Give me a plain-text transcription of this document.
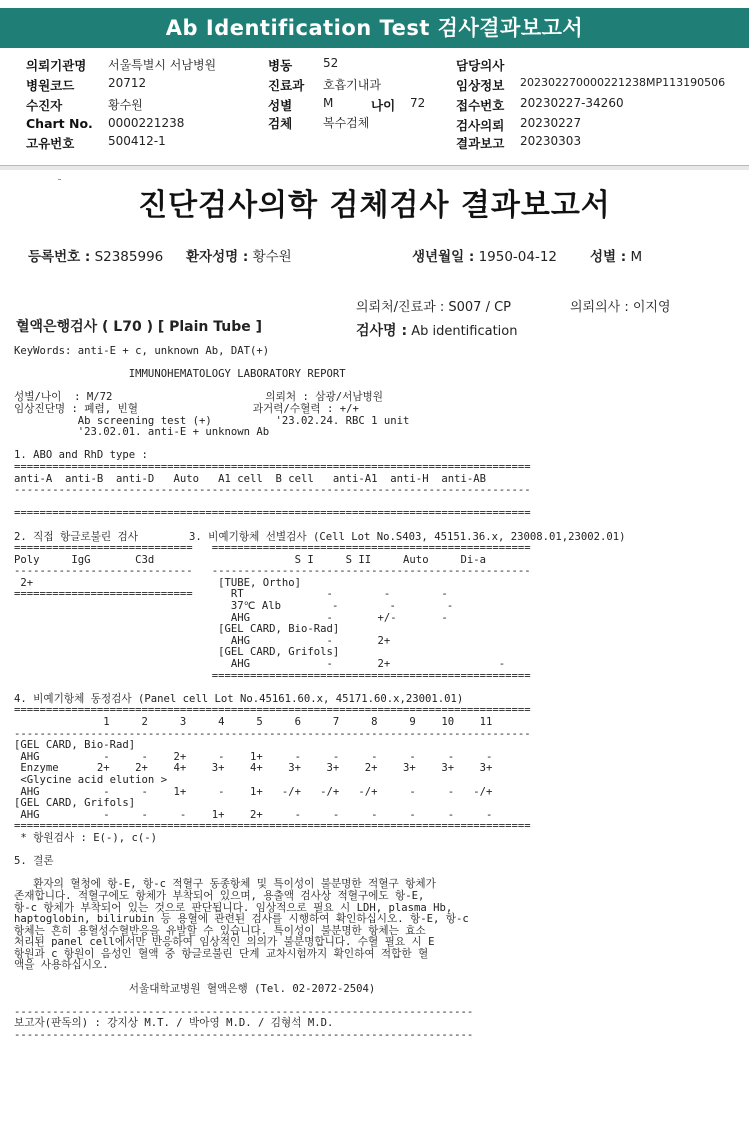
Ab Identification Test 검사결과보고서
의뢰기관명 서울특별시 서남병원
병원코드	20712
수진자	황수원
Chart No. 0000221238
고유번호	500412-1
병동	52
진료과 호흡기내과
성별	M	나이 72
검체	복수검체
담당의사
임상정보 20230227000022123​8MP113190506
접수번호 20230227-34260
검사의뢰 20230227
결과보고 20230303
진단검사의학 검체검사 결과보고서
등록번호 : S2385996 환자성명 : 황수원	생년월일 : 1950-04-12 성별 : M
의뢰처/진료과 : S007 / CP	의뢰의사 : 이지영
혈액은행검사 ( L70 ) [ Plain Tube ]	검사명 : Ab identification
KeyWords: anti-E + c, unknown Ab, DAT(+)

IMMUNOHEMATOLOGY LABORATORY REPORT

성별/나이  : M/72                        의뢰처 : 삼광/서남병원
임상진단명 : 폐렴, 빈혈                  과거력/수혈력 : +/+
Ab screening test (+)          '23.02.24. RBC 1 unit
'23.02.01. anti-E + unknown Ab

1. ABO and RhD type :
=================================================================================
anti-A  anti-B  anti-D   Auto   A1 cell  B cell   anti-A1  anti-H  anti-AB
---------------------------------------------------------------------------------

=================================================================================

2. 직접 항글로불린 검사        3. 비예기항체 선별검사 (Cell Lot No.S403, 45151.36.x, 23008.01,23002.01)
============================   ==================================================
Poly     IgG       C3d                      S I     S II     Auto     Di-a
----------------------------   --------------------------------------------------
2+                             [TUBE, Ortho]
============================      RT             -        -        -
37℃ Alb        -        -        -
AHG            -       +/-       -
[GEL CARD, Bio-Rad]
AHG            -       2+
[GEL CARD, Grifols]
AHG            -       2+                 -
==================================================

4. 비예기항체 동정검사 (Panel cell Lot No.45161.60.x, 45171.60.x,23001.01)
=================================================================================
1     2     3     4     5     6     7     8     9    10    11
---------------------------------------------------------------------------------
[GEL CARD, Bio-Rad]
AHG          -     -    2+     -    1+     -     -     -     -     -     -
Enzyme      2+    2+    4+    3+    4+    3+    3+    2+    3+    3+    3+
<Glycine acid elution >
AHG          -     -    1+     -    1+   -/+   -/+   -/+     -     -   -/+
[GEL CARD, Grifols]
AHG          -     -     -    1+    2+     -     -     -     -     -     -
=================================================================================
* 항원검사 : E(-), c(-)

5. 결론

환자의 혈청에 항-E, 항-c 적혈구 동종항체 및 특이성이 불분명한 적혈구 항체가
존재합니다. 적혈구에도 항체가 부착되어 있으며, 용출액 검사상 적혈구에도 항-E,
항-c 항체가 부착되어 있는 것으로 판단됩니다. 임상적으로 필요 시 LDH, plasma Hb,
haptoglobin, bilirubin 등 용혈에 관련된 검사를 시행하여 확인하십시오. 항-E, 항-c
항체는 흔히 용혈성수혈반응을 유발할 수 있습니다. 특이성이 불분명한 항체는 효소
처리된 panel cell에서만 반응하여 임상적인 의의가 불분명합니다. 수혈 필요 시 E
항원과 c 항원이 음성인 혈액 중 항글로불린 단계 교차시험까지 확인하여 적합한 혈
액을 사용하십시오.

서울대학교병원 혈액은행 (Tel. 02-2072-2504)

------------------------------------------------------------------------
보고자(판독의) : 강지상 M.T. / 박아영 M.D. / 김형석 M.D.
------------------------------------------------------------------------
